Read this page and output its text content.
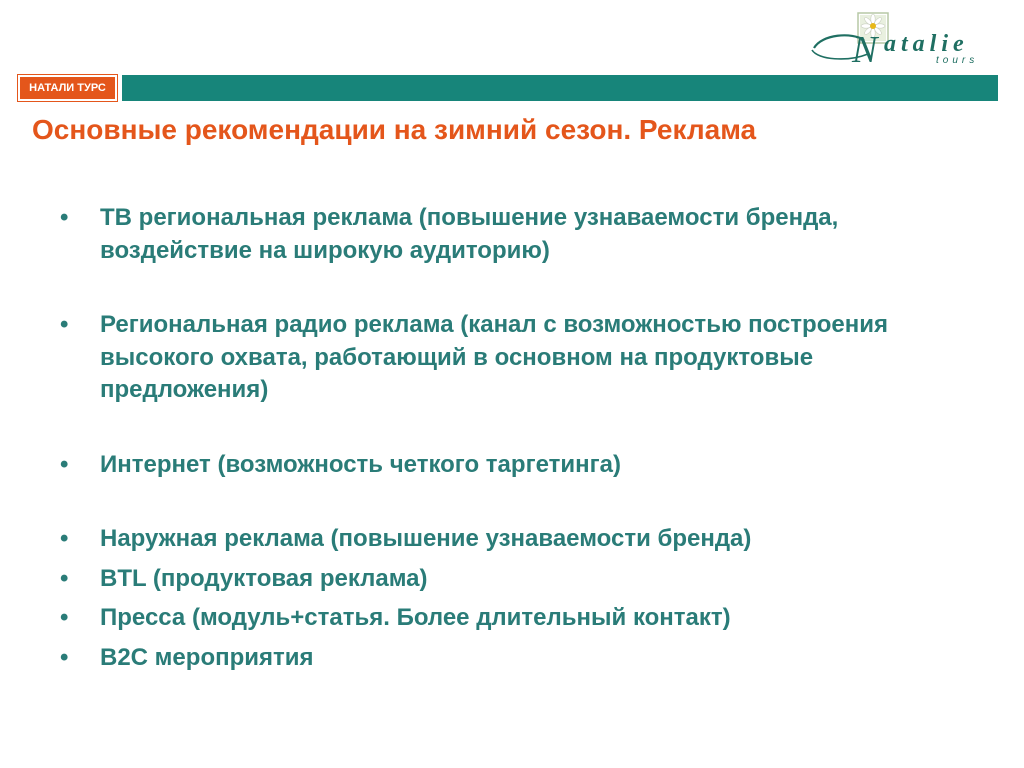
N atalie
tours
НАТАЛИ ТУРС
Основные рекомендации на зимний сезон. Реклама
• ТВ региональная реклама (повышение узнаваемости бренда, воздействие на широкую аудиторию)
• Региональная радио реклама (канал с возможностью построения высокого охвата, работающий в основном на продуктовые предложения)
• Интернет (возможность четкого таргетинга)
• Наружная реклама (повышение узнаваемости бренда)
• BTL (продуктовая реклама)
• Пресса (модуль+статья. Более длительный контакт)
• B2C мероприятия
